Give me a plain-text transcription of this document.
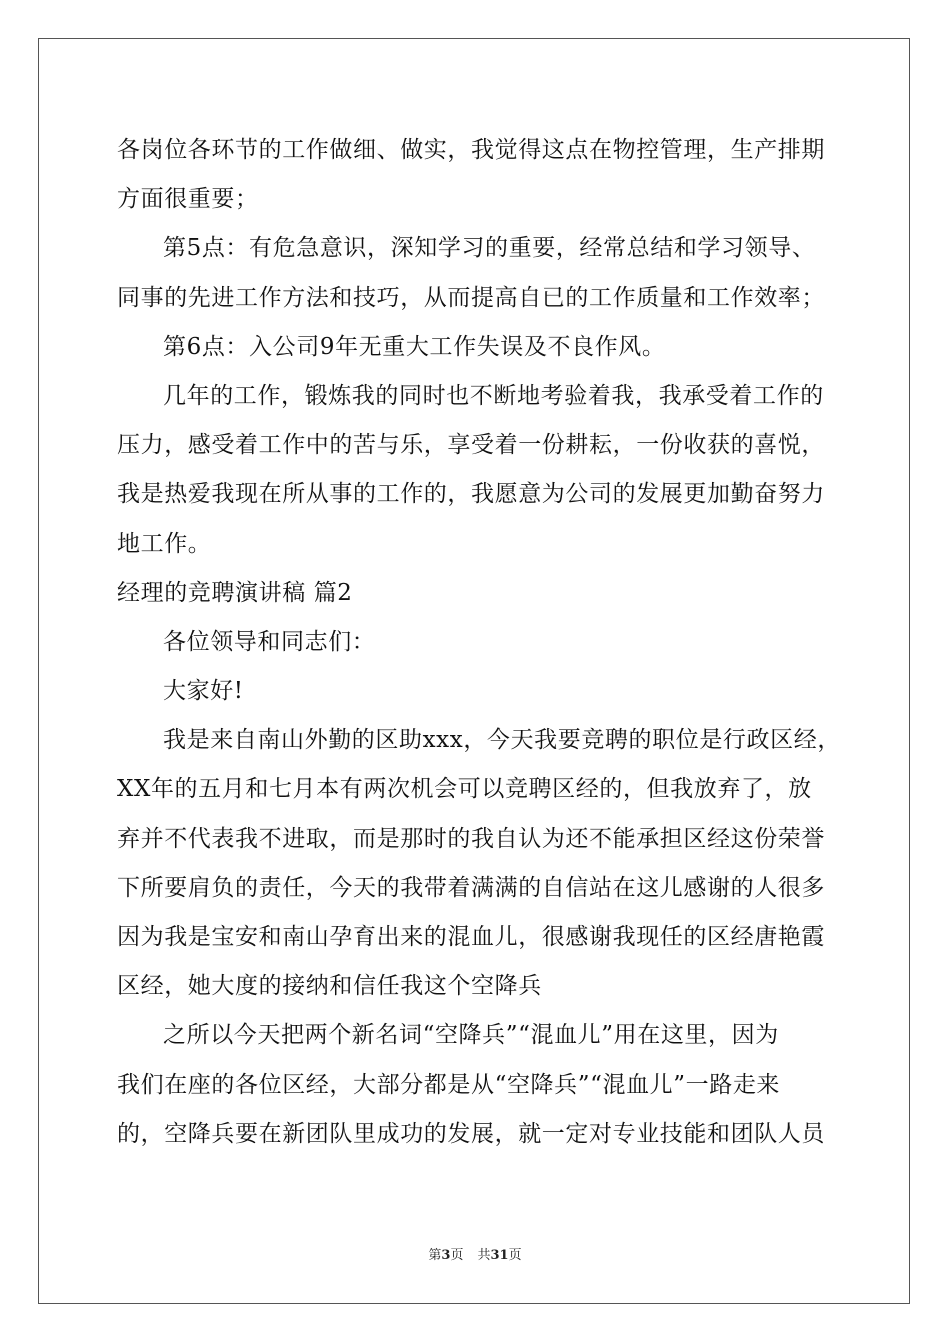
各岗位各环节的工作做细、做实，我觉得这点在物控管理，生产排期
方面很重要；
第5点：有危急意识，深知学习的重要，经常总结和学习领导、
同事的先进工作方法和技巧，从而提高自已的工作质量和工作效率；
第6点：入公司9年无重大工作失误及不良作风。
几年的工作，锻炼我的同时也不断地考验着我，我承受着工作的
压力，感受着工作中的苦与乐，享受着一份耕耘，一份收获的喜悦，
我是热爱我现在所从事的工作的，我愿意为公司的发展更加勤奋努力
地工作。
经理的竞聘演讲稿 篇2
各位领导和同志们：
大家好!
我是来自南山外勤的区助xxx，今天我要竞聘的职位是行政区经，
XX年的五月和七月本有两次机会可以竞聘区经的，但我放弃了，放
弃并不代表我不进取，而是那时的我自认为还不能承担区经这份荣誉
下所要肩负的责任，今天的我带着满满的自信站在这儿感谢的人很多
因为我是宝安和南山孕育出来的混血儿，很感谢我现任的区经唐艳霞
区经，她大度的接纳和信任我这个空降兵
之所以今天把两个新名词“空降兵”“混血儿”用在这里，因为
我们在座的各位区经，大部分都是从“空降兵”“混血儿”一路走来
的，空降兵要在新团队里成功的发展，就一定对专业技能和团队人员
第3页 共31页
